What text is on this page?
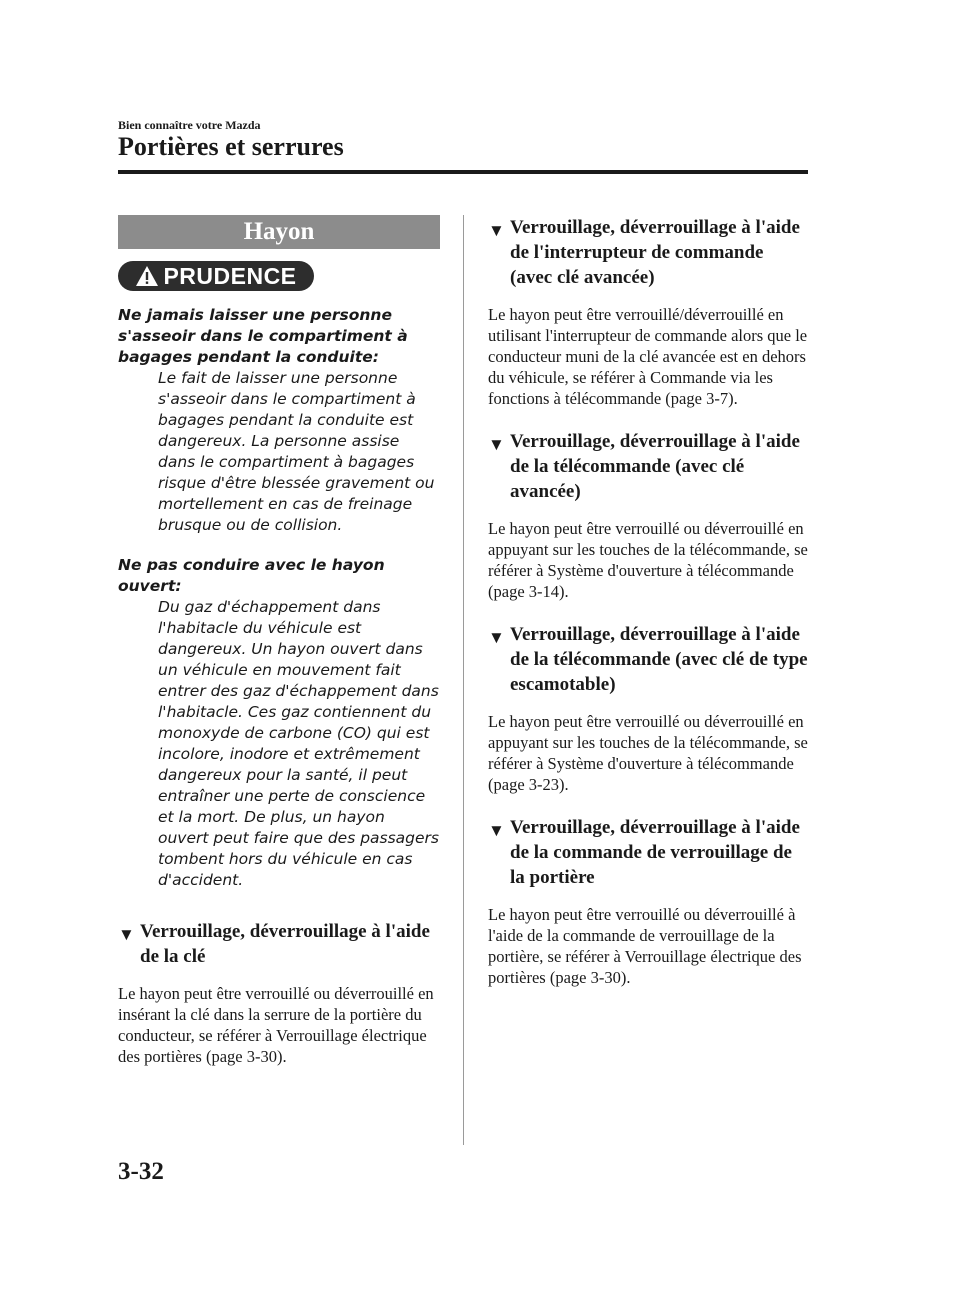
Bien connaître votre Mazda
Portières et serrures
Hayon
PRUDENCE
Ne jamais laisser une personne s'asseoir dans le compartiment à bagages pendant la conduite:
Le fait de laisser une personne s'asseoir dans le compartiment à bagages pendant la conduite est dangereux. La personne assise dans le compartiment à bagages risque d'être blessée gravement ou mortellement en cas de freinage brusque ou de collision.
Ne pas conduire avec le hayon ouvert:
Du gaz d'échappement dans l'habitacle du véhicule est dangereux. Un hayon ouvert dans un véhicule en mouvement fait entrer des gaz d'échappement dans l'habitacle. Ces gaz contiennent du monoxyde de carbone (CO) qui est incolore, inodore et extrêmement dangereux pour la santé, il peut entraîner une perte de conscience et la mort. De plus, un hayon ouvert peut faire que des passagers tombent hors du véhicule en cas d'accident.
▼ Verrouillage, déverrouillage à l'aide de la clé
Le hayon peut être verrouillé ou déverrouillé en insérant la clé dans la serrure de la portière du conducteur, se référer à Verrouillage électrique des portières (page 3-30).
▼ Verrouillage, déverrouillage à l'aide de l'interrupteur de commande (avec clé avancée)
Le hayon peut être verrouillé/déverrouillé en utilisant l'interrupteur de commande alors que le conducteur muni de la clé avancée est en dehors du véhicule, se référer à Commande via les fonctions à télécommande (page 3-7).
▼ Verrouillage, déverrouillage à l'aide de la télécommande (avec clé avancée)
Le hayon peut être verrouillé ou déverrouillé en appuyant sur les touches de la télécommande, se référer à Système d'ouverture à télécommande (page 3-14).
▼ Verrouillage, déverrouillage à l'aide de la télécommande (avec clé de type escamotable)
Le hayon peut être verrouillé ou déverrouillé en appuyant sur les touches de la télécommande, se référer à Système d'ouverture à télécommande (page 3-23).
▼ Verrouillage, déverrouillage à l'aide de la commande de verrouillage de la portière
Le hayon peut être verrouillé ou déverrouillé à l'aide de la commande de verrouillage de la portière, se référer à Verrouillage électrique des portières (page 3-30).
3-32
